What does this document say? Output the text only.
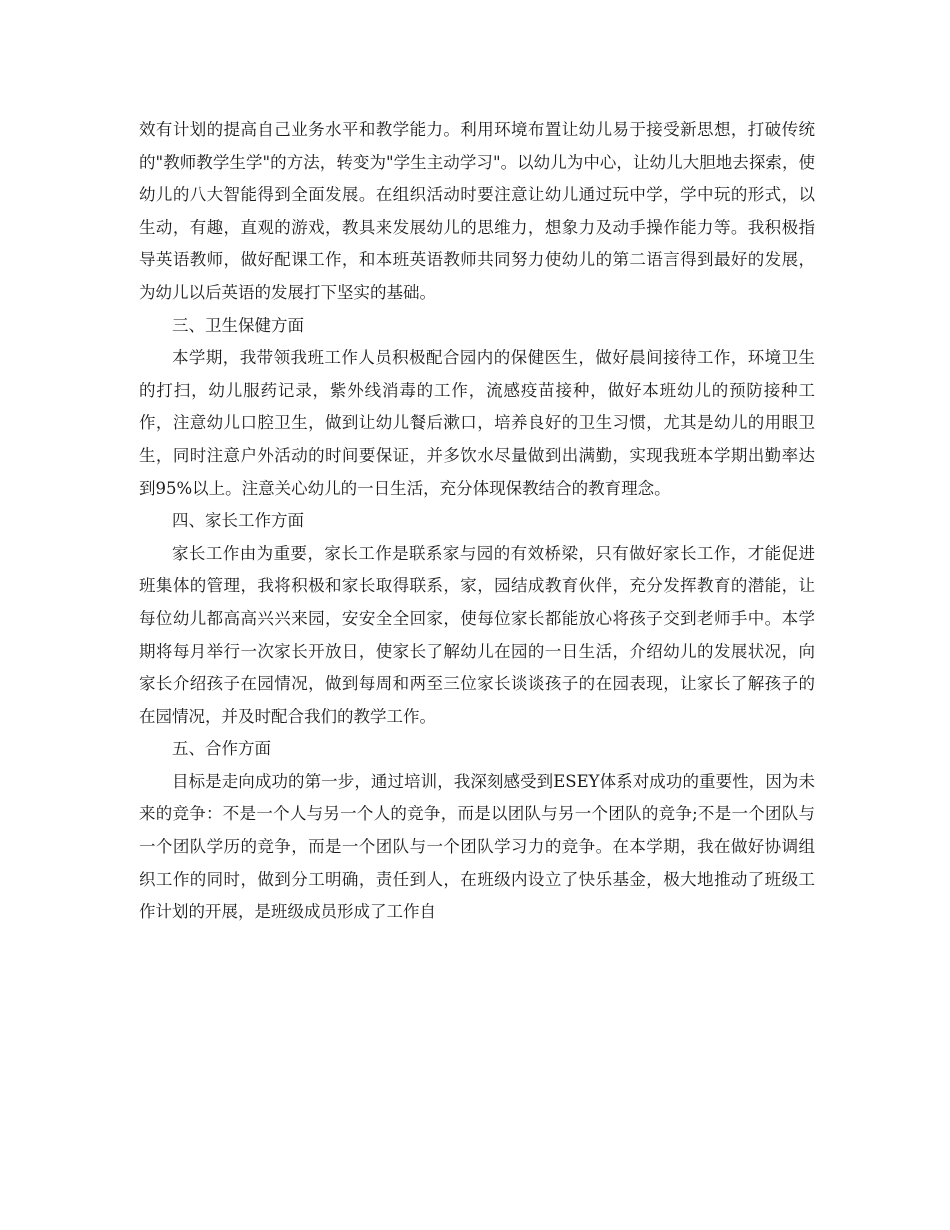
效有计划的提高自己业务水平和教学能力。利用环境布置让幼儿易于接受新思想，打破传统的"教师教学生学"的方法，转变为"学生主动学习"。以幼儿为中心，让幼儿大胆地去探索，使幼儿的八大智能得到全面发展。在组织活动时要注意让幼儿通过玩中学，学中玩的形式，以生动，有趣，直观的游戏，教具来发展幼儿的思维力，想象力及动手操作能力等。我积极指导英语教师，做好配课工作，和本班英语教师共同努力使幼儿的第二语言得到最好的发展，为幼儿以后英语的发展打下坚实的基础。

三、卫生保健方面

本学期，我带领我班工作人员积极配合园内的保健医生，做好晨间接待工作，环境卫生的打扫，幼儿服药记录，紫外线消毒的工作，流感疫苗接种，做好本班幼儿的预防接种工作，注意幼儿口腔卫生，做到让幼儿餐后漱口，培养良好的卫生习惯，尤其是幼儿的用眼卫生，同时注意户外活动的时间要保证，并多饮水尽量做到出满勤，实现我班本学期出勤率达到95%以上。注意关心幼儿的一日生活，充分体现保教结合的教育理念。

四、家长工作方面

家长工作由为重要，家长工作是联系家与园的有效桥梁，只有做好家长工作，才能促进班集体的管理，我将积极和家长取得联系，家，园结成教育伙伴，充分发挥教育的潜能，让每位幼儿都高高兴兴来园，安安全全回家，使每位家长都能放心将孩子交到老师手中。本学期将每月举行一次家长开放日，使家长了解幼儿在园的一日生活，介绍幼儿的发展状况，向家长介绍孩子在园情况，做到每周和两至三位家长谈谈孩子的在园表现，让家长了解孩子的在园情况，并及时配合我们的教学工作。

五、合作方面

目标是走向成功的第一步，通过培训，我深刻感受到ESEY体系对成功的重要性，因为未来的竞争：不是一个人与另一个人的竞争，而是以团队与另一个团队的竞争;不是一个团队与一个团队学历的竞争，而是一个团队与一个团队学习力的竞争。在本学期，我在做好协调组织工作的同时，做到分工明确，责任到人，在班级内设立了快乐基金，极大地推动了班级工作计划的开展，是班级成员形成了工作自
